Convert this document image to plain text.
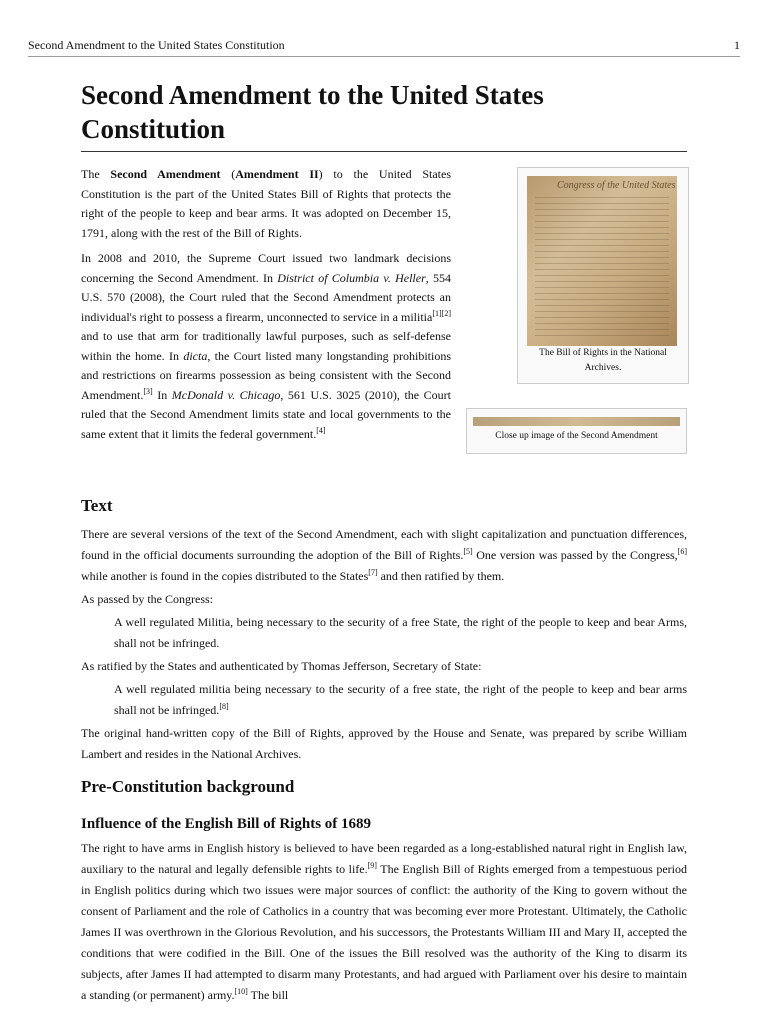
Second Amendment to the United States Constitution	1
Second Amendment to the United States Constitution

The Second Amendment (Amendment II) to the United States Constitution is the part of the United States Bill of Rights that protects the right of the people to keep and bear arms. It was adopted on December 15, 1791, along with the rest of the Bill of Rights.

In 2008 and 2010, the Supreme Court issued two landmark decisions concerning the Second Amendment. In District of Columbia v. Heller, 554 U.S. 570 (2008), the Court ruled that the Second Amendment protects an individual's right to possess a firearm, unconnected to service in a militia[1][2] and to use that arm for traditionally lawful purposes, such as self-defense within the home. In dicta, the Court listed many longstanding prohibitions and restrictions on firearms possession as being consistent with the Second Amendment.[3] In McDonald v. Chicago, 561 U.S. 3025 (2010), the Court ruled that the Second Amendment limits state and local governments to the same extent that it limits the federal government.[4]

Congress of the United States
The Bill of Rights in the National Archives.
Close up image of the Second Amendment
Text

There are several versions of the text of the Second Amendment, each with slight capitalization and punctuation differences, found in the official documents surrounding the adoption of the Bill of Rights.[5] One version was passed by the Congress,[6] while another is found in the copies distributed to the States[7] and then ratified by them.

As passed by the Congress:

A well regulated Militia, being necessary to the security of a free State, the right of the people to keep and bear Arms, shall not be infringed.

As ratified by the States and authenticated by Thomas Jefferson, Secretary of State:

A well regulated militia being necessary to the security of a free state, the right of the people to keep and bear arms shall not be infringed.[8]

The original hand-written copy of the Bill of Rights, approved by the House and Senate, was prepared by scribe William Lambert and resides in the National Archives.

Pre-Constitution background
Influence of the English Bill of Rights of 1689

The right to have arms in English history is believed to have been regarded as a long-established natural right in English law, auxiliary to the natural and legally defensible rights to life.[9] The English Bill of Rights emerged from a tempestuous period in English politics during which two issues were major sources of conflict: the authority of the King to govern without the consent of Parliament and the role of Catholics in a country that was becoming ever more Protestant. Ultimately, the Catholic James II was overthrown in the Glorious Revolution, and his successors, the Protestants William III and Mary II, accepted the conditions that were codified in the Bill. One of the issues the Bill resolved was the authority of the King to disarm its subjects, after James II had attempted to disarm many Protestants, and had argued with Parliament over his desire to maintain a standing (or permanent) army.[10] The bill
